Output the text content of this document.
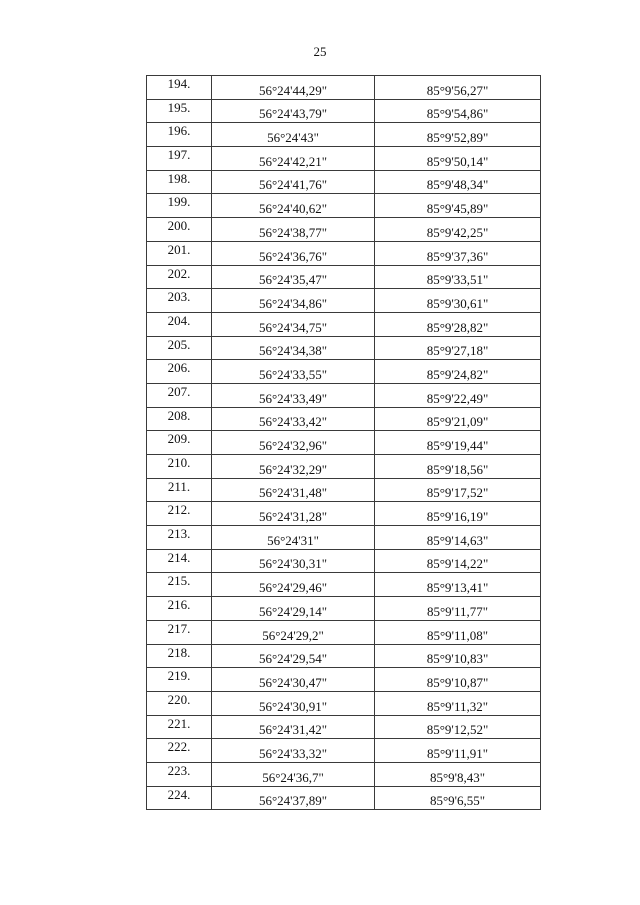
25
194.	56°24'44,29"	85°9'56,27"
195.	56°24'43,79"	85°9'54,86"
196.	56°24'43"	85°9'52,89"
197.	56°24'42,21"	85°9'50,14"
198.	56°24'41,76"	85°9'48,34"
199.	56°24'40,62"	85°9'45,89"
200.	56°24'38,77"	85°9'42,25"
201.	56°24'36,76"	85°9'37,36"
202.	56°24'35,47"	85°9'33,51"
203.	56°24'34,86"	85°9'30,61"
204.	56°24'34,75"	85°9'28,82"
205.	56°24'34,38"	85°9'27,18"
206.	56°24'33,55"	85°9'24,82"
207.	56°24'33,49"	85°9'22,49"
208.	56°24'33,42"	85°9'21,09"
209.	56°24'32,96"	85°9'19,44"
210.	56°24'32,29"	85°9'18,56"
211.	56°24'31,48"	85°9'17,52"
212.	56°24'31,28"	85°9'16,19"
213.	56°24'31"	85°9'14,63"
214.	56°24'30,31"	85°9'14,22"
215.	56°24'29,46"	85°9'13,41"
216.	56°24'29,14"	85°9'11,77"
217.	56°24'29,2"	85°9'11,08"
218.	56°24'29,54"	85°9'10,83"
219.	56°24'30,47"	85°9'10,87"
220.	56°24'30,91"	85°9'11,32"
221.	56°24'31,42"	85°9'12,52"
222.	56°24'33,32"	85°9'11,91"
223.	56°24'36,7"	85°9'8,43"
224.	56°24'37,89"	85°9'6,55"
